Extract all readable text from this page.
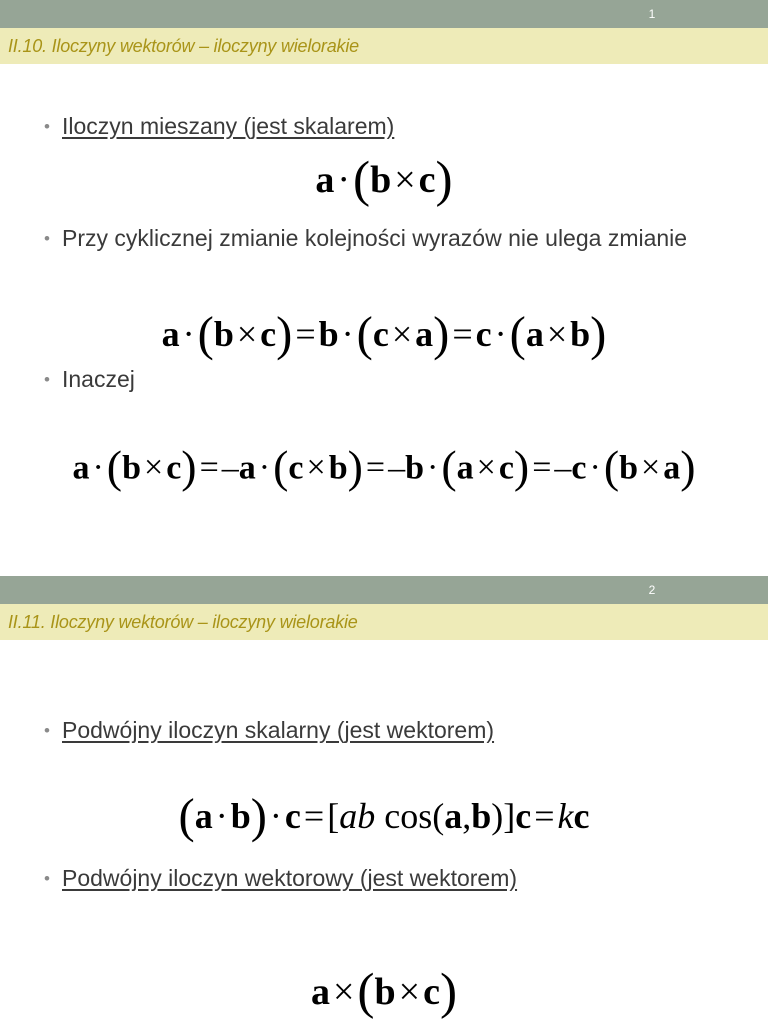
1
II.10. Iloczyny wektorów – iloczyny wielorakie
• Iloczyn mieszany (jest skalarem)
a·(b×c)
• Przy cyklicznej zmianie kolejności wyrazów nie ulega zmianie
a·(b×c)=b·(c×a)=c·(a×b)
• Inaczej
a·(b×c)=–a·(c×b)=–b·(a×c)=–c·(b×a)
2
II.11. Iloczyny wektorów – iloczyny wielorakie
• Podwójny iloczyn skalarny (jest wektorem)
(a·b)·c=[ab cos(a,b)]c=kc
• Podwójny iloczyn wektorowy (jest wektorem)
a×(b×c)
